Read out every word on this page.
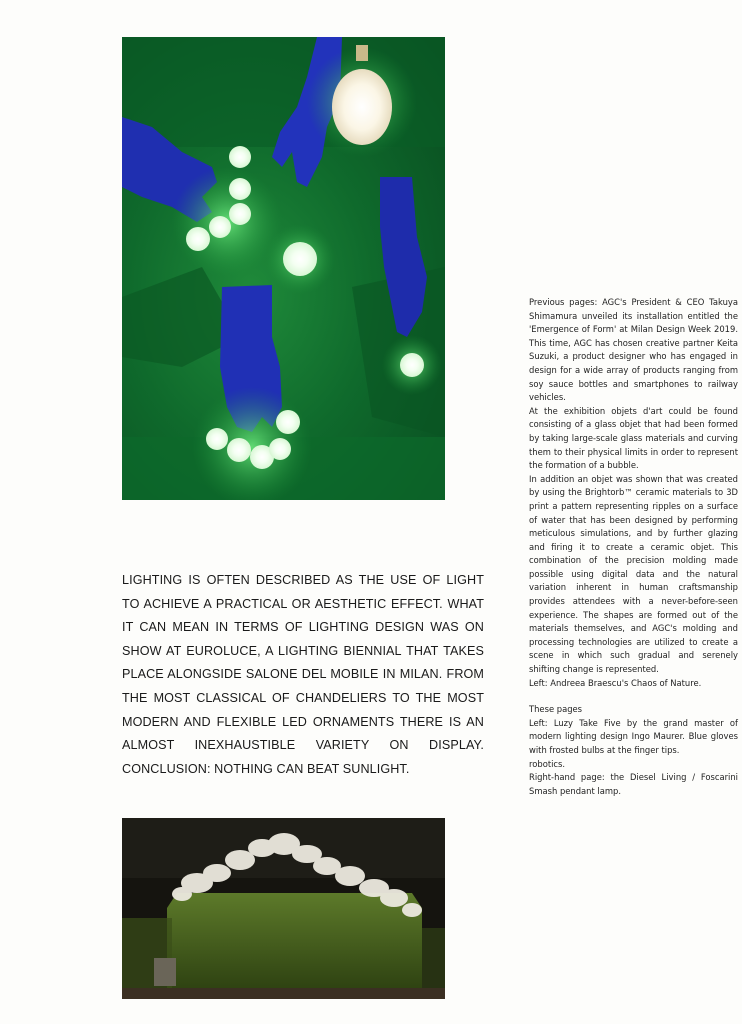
LIGHTING IS OFTEN DESCRIBED AS THE USE OF LIGHT TO ACHIEVE A PRACTICAL OR AESTHETIC EFFECT. WHAT IT CAN MEAN IN TERMS OF LIGHTING DESIGN WAS ON SHOW AT EUROLUCE, A LIGHTING BIENNIAL THAT TAKES PLACE ALONGSIDE SALONE DEL MOBILE IN MILAN. FROM THE MOST CLASSICAL OF CHANDELIERS TO THE MOST MODERN AND FLEXIBLE LED ORNAMENTS THERE IS AN ALMOST INEXHAUSTIBLE VARIETY ON DISPLAY. CONCLUSION: NOTHING CAN BEAT SUNLIGHT.

Previous pages: AGC's President & CEO Takuya Shimamura unveiled its installation entitled the 'Emergence of Form' at Milan Design Week 2019. This time, AGC has chosen creative partner Keita Suzuki, a product designer who has engaged in design for a wide array of products ranging from soy sauce bottles and smartphones to railway vehicles.

At the exhibition objets d'art could be found consisting of a glass objet that had been formed by taking large-scale glass materials and curving them to their physical limits in order to represent the formation of a bubble.

In addition an objet was shown that was created by using the Brightorb™ ceramic materials to 3D print a pattern representing ripples on a surface of water that has been designed by performing meticulous simulations, and by further glazing and firing it to create a ceramic objet. This combination of the precision molding made possible using digital data and the natural variation inherent in human craftsmanship provides attendees with a never-before-seen experience. The shapes are formed out of the materials themselves, and AGC's molding and processing technologies are utilized to create a scene in which such gradual and serenely shifting change is represented.

Left: Andreea Braescu's Chaos of Nature.

These pages

Left: Luzy Take Five by the grand master of modern lighting design Ingo Maurer. Blue gloves with frosted bulbs at the finger tips.

robotics.

Right-hand page: the Diesel Living / Foscarini Smash pendant lamp.
